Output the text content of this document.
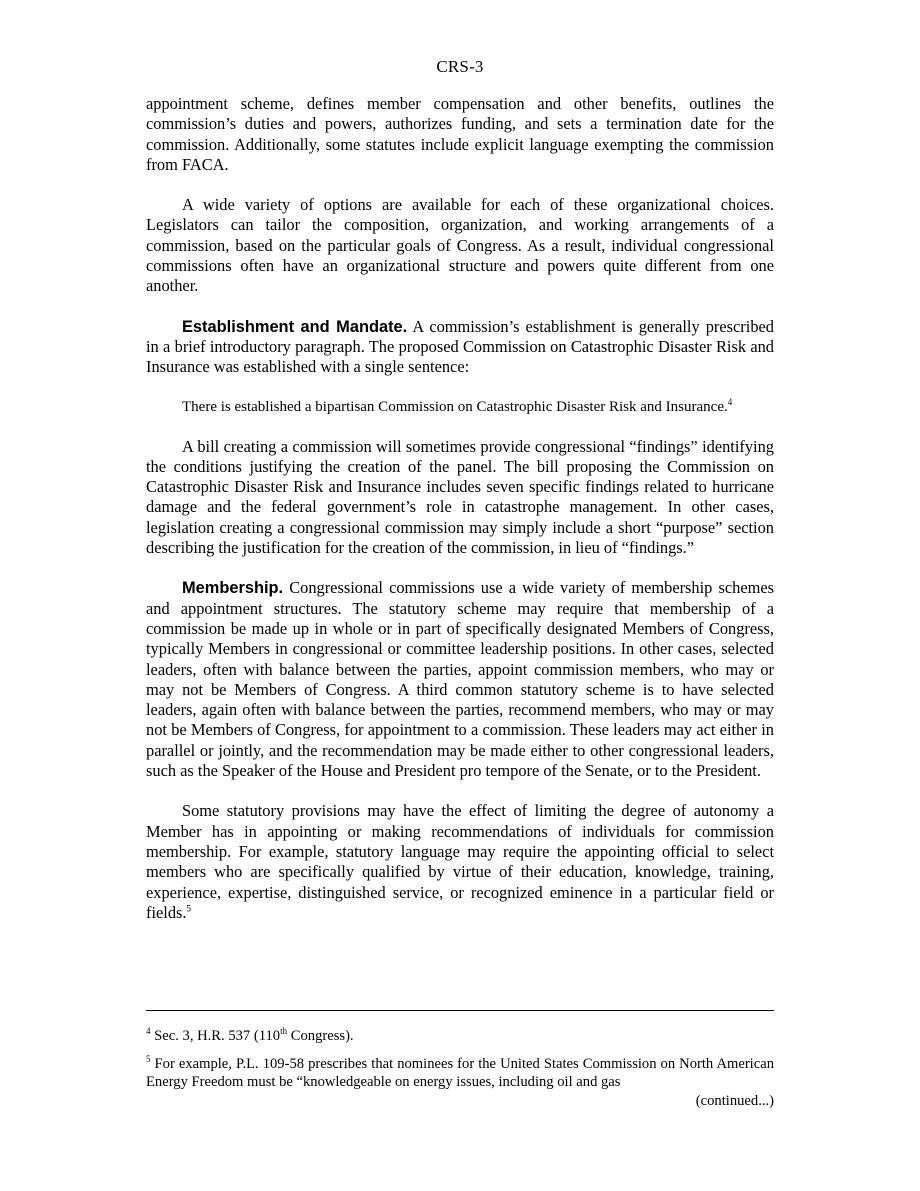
CRS-3

appointment scheme, defines member compensation and other benefits, outlines the commission’s duties and powers, authorizes funding, and sets a termination date for the commission. Additionally, some statutes include explicit language exempting the commission from FACA.

A wide variety of options are available for each of these organizational choices. Legislators can tailor the composition, organization, and working arrangements of a commission, based on the particular goals of Congress. As a result, individual congressional commissions often have an organizational structure and powers quite different from one another.

Establishment and Mandate. A commission’s establishment is generally prescribed in a brief introductory paragraph. The proposed Commission on Catastrophic Disaster Risk and Insurance was established with a single sentence:

There is established a bipartisan Commission on Catastrophic Disaster Risk and Insurance.$^4$

A bill creating a commission will sometimes provide congressional “findings” identifying the conditions justifying the creation of the panel. The bill proposing the Commission on Catastrophic Disaster Risk and Insurance includes seven specific findings related to hurricane damage and the federal government’s role in catastrophe management. In other cases, legislation creating a congressional commission may simply include a short “purpose” section describing the justification for the creation of the commission, in lieu of “findings.”

Membership. Congressional commissions use a wide variety of membership schemes and appointment structures. The statutory scheme may require that membership of a commission be made up in whole or in part of specifically designated Members of Congress, typically Members in congressional or committee leadership positions. In other cases, selected leaders, often with balance between the parties, appoint commission members, who may or may not be Members of Congress. A third common statutory scheme is to have selected leaders, again often with balance between the parties, recommend members, who may or may not be Members of Congress, for appointment to a commission. These leaders may act either in parallel or jointly, and the recommendation may be made either to other congressional leaders, such as the Speaker of the House and President pro tempore of the Senate, or to the President.

Some statutory provisions may have the effect of limiting the degree of autonomy a Member has in appointing or making recommendations of individuals for commission membership. For example, statutory language may require the appointing official to select members who are specifically qualified by virtue of their education, knowledge, training, experience, expertise, distinguished service, or recognized eminence in a particular field or fields.$^5$

$^4$ Sec. 3, H.R. 537 (110th Congress).

$^5$ For example, P.L. 109-58 prescribes that nominees for the United States Commission on North American Energy Freedom must be “knowledgeable on energy issues, including oil and gas

(continued...)
